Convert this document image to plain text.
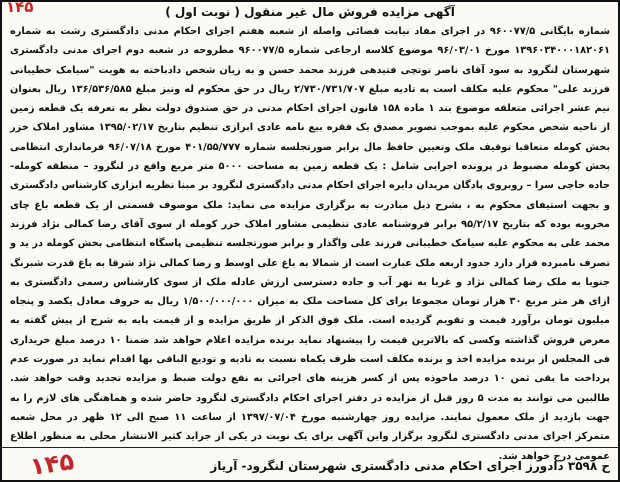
۱۴۵	آگهی مزایده فروش مال غیر منقول ( نوبت اول )

شماره بایگانی ۹۶۰۰۷۷/۵ در اجرای مفاد نیابت قضائی واصله از شعبه هفتم اجرای احکام مدنی دادگستری رشت به شماره ۱۳۹۶۰۳۴۰۰۰۱۸۲۰۶۱ مورخ ۹۶/۰۳/۰۱ موضوع کلاسه ارجاعی شماره ۹۶۰۰۷۷/۵ مطروحه در شعبه دوم اجرای مدنی دادگستری شهرستان لنگرود به سود آقای ناصر توتچی فتیدهی فرزند محمد حسن و به زیان شخص دادباخته به هویت "سیامک خطیبانی فرزند علی" محکوم علیه مکلف است به تادیه مبلغ ۲/۷۳۰/۷۳۱/۷۰۷ ریال در حق محکوم له ونیز مبلغ ۱۳۶/۵۳۶/۵۸۵ ریال بعنوان نیم عشر اجرائی متعلقه موضوع بند ۱ ماده ۱۵۸ قانون اجرای احکام مدنی در حق صندوق دولت نظر به تعرفه یک قطعه زمین از ناحیه شخص محکوم علیه بموجب تصویر مصدق یک فقره بیع نامه عادی ابرازی تنظیم بتاریخ ۱۳۹۵/۰۲/۱۷ مشاور املاک خزر بخش کومله متعاقبا توقیف ملک وتعیین حافظ مال برابر صورتجلسه شماره ۴۰۱/۵۵/۷۷۷ مورخ ۹۶/۰۷/۱۸ فرمانداری انتظامی بخش کومله مضبوط در پرونده اجرایی شامل : یک قطعه زمین به مساحت ۵۰۰۰ متر مربع واقع در لنگرود – منطقه کومله- جاده حاجی سرا – روبروی پادگان مریدان دایره اجرای احکام مدنی دادگستری لنگرود بر مبنا نظریه ابزاری کارشناس دادگستری و بجهت استیفای محکوم به ، بشرح ذیل مبادرت به برگزاری مزایده می نماید: ملک موصوف قسمتی از یک قطعه باغ چای مخروبه بوده که بتاریخ ۹۵/۲/۱۷ برابر فروشنامه عادی تنظیمی مشاور املاک خزر کومله از سوی آقای رضا کمالی نژاد فرزند محمد علی به محکوم علیه سیامک خطیبانی فرزند علی واگذار و برابر صورتجلسه تنظیمی پاسگاه انتظامی بخش کومله در ید و تصرف نامبرده قرار دارد حدود اربعه ملک عبارت است از شمالا به باغ علی اوسط و رضا کمالی نژاد شرقا به باغ قدرت شبرنگ جنوبا به ملک رضا کمالی نژاد و غربا به نهر آب و جاده دسترسی ارزش عادله ملک از سوی کارشناس رسمی دادگستری به ازای هر متر مربع ۳۰ هزار تومان مجموعا برای کل مساحت ملک به میزان ۱/۵۰۰/۰۰۰/۰۰۰ ریال به حروف معادل یکصد و پنجاه میلیون تومان برآورد قیمت و تقویم گردیده است. ملک فوق الذکر از طریق مزایده و از قیمت پایه به شرح از پیش گفته به معرض فروش گذاشته وکسی که بالاترین قیمت را پیشنهاد نماید برنده مزایده اعلام خواهد شد ضمنا ۱۰ درصد مبلغ خریداری فی المجلس از برنده مزایده اخذ و برنده مکلف است ظرف یکماه نسبت به تادیه و تودیع الباقی بها اقدام نماید در صورت عدم پرداخت ما بقی ثمن ۱۰ درصد ماخوذه پس از کسر هزینه های اجرائی به نفع دولت ضبط و مزایده تجدید وقت خواهد شد. طالبین می توانند به مدت ۵ روز قبل از مزایده در دفتر اجرای احکام دادگستری لنگرود حاضر شده و هماهنگی های لازم را به جهت بازدید از ملک معمول نمایند. مزایده روز چهارشنبه مورخ ۱۳۹۷/۰۷/۰۴ از ساعت ۱۱ صبح الی ۱۲ ظهر در محل شعبه متمرکز اجرای مدنی دادگستری لنگرود برگزار واین آگهی برای یک نوبت در یکی از جراید کثیر الانتشار محلی به منظور اطلاع عمومی درج خواهد شد.

ح ۳۵۹۸ دادورز اجرای احکام مدنی دادگستری شهرستان لنگرود- آریاز
۱۴۵
